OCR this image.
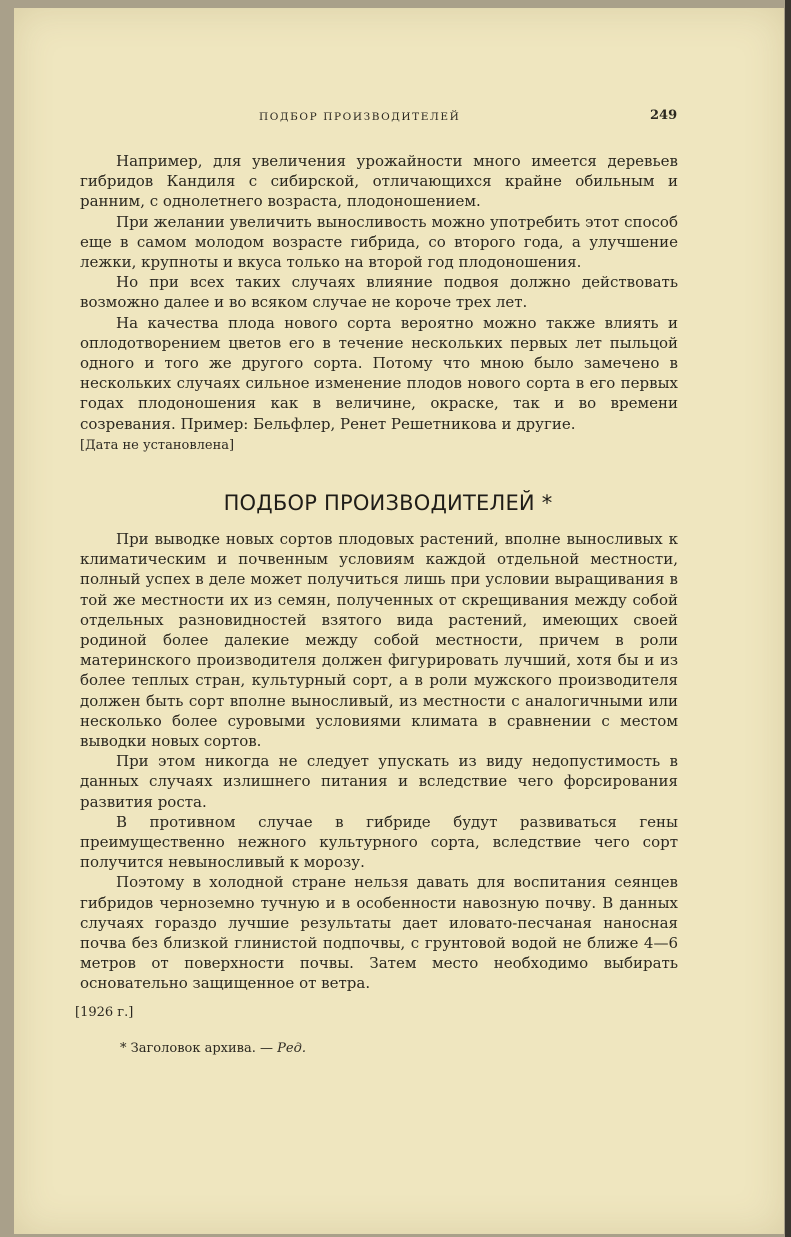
ПОДБОР ПРОИЗВОДИТЕЛЕЙ	249

Например, для увеличения урожайности много имеется деревьев гибридов Кандиля с сибирской, отличающихся крайне обильным и ранним, с однолетнего возраста, плодоношением.

При желании увеличить выносливость можно употребить этот способ еще в самом молодом возрасте гибрида, со второго года, а улучшение лежки, крупноты и вкуса только на второй год плодоношения.

Но при всех таких случаях влияние подвоя должно действовать возможно далее и во всяком случае не короче трех лет.

На качества плода нового сорта вероятно можно также влиять и оплодотворением цветов его в течение нескольких первых лет пыльцой одного и того же другого сорта. Потому что мною было замечено в нескольких случаях сильное изменение плодов нового сорта в его первых годах плодоношения как в величине, окраске, так и во времени созревания. Пример: Бельфлер, Ренет Решетникова и другие.

[Дата не установлена]

ПОДБОР ПРОИЗВОДИТЕЛЕЙ *

При выводке новых сортов плодовых растений, вполне выносливых к климатическим и почвенным условиям каждой отдельной местности, полный успех в деле может получиться лишь при условии выращивания в той же местности их из семян, полученных от скрещивания между собой отдельных разновидностей взятого вида растений, имеющих своей родиной более далекие между собой местности, причем в роли материнского производителя должен фигурировать лучший, хотя бы и из более теплых стран, культурный сорт, а в роли мужского производителя должен быть сорт вполне выносливый, из местности с аналогичными или несколько более суровыми условиями климата в сравнении с местом выводки новых сортов.

При этом никогда не следует упускать из виду недопустимость в данных случаях излишнего питания и вследствие чего форсирования развития роста.

В противном случае в гибриде будут развиваться гены преимущественно нежного культурного сорта, вследствие чего сорт получится невыносливый к морозу.

Поэтому в холодной стране нельзя давать для воспитания сеянцев гибридов черноземно тучную и в особенности навозную почву. В данных случаях гораздо лучшие результаты дает иловато-песчаная наносная почва без близкой глинистой подпочвы, с грунтовой водой не ближе 4—6 метров от поверхности почвы. Затем место необходимо выбирать основательно защищенное от ветра.

[1926 г.]
* Заголовок архива. — Ред.
